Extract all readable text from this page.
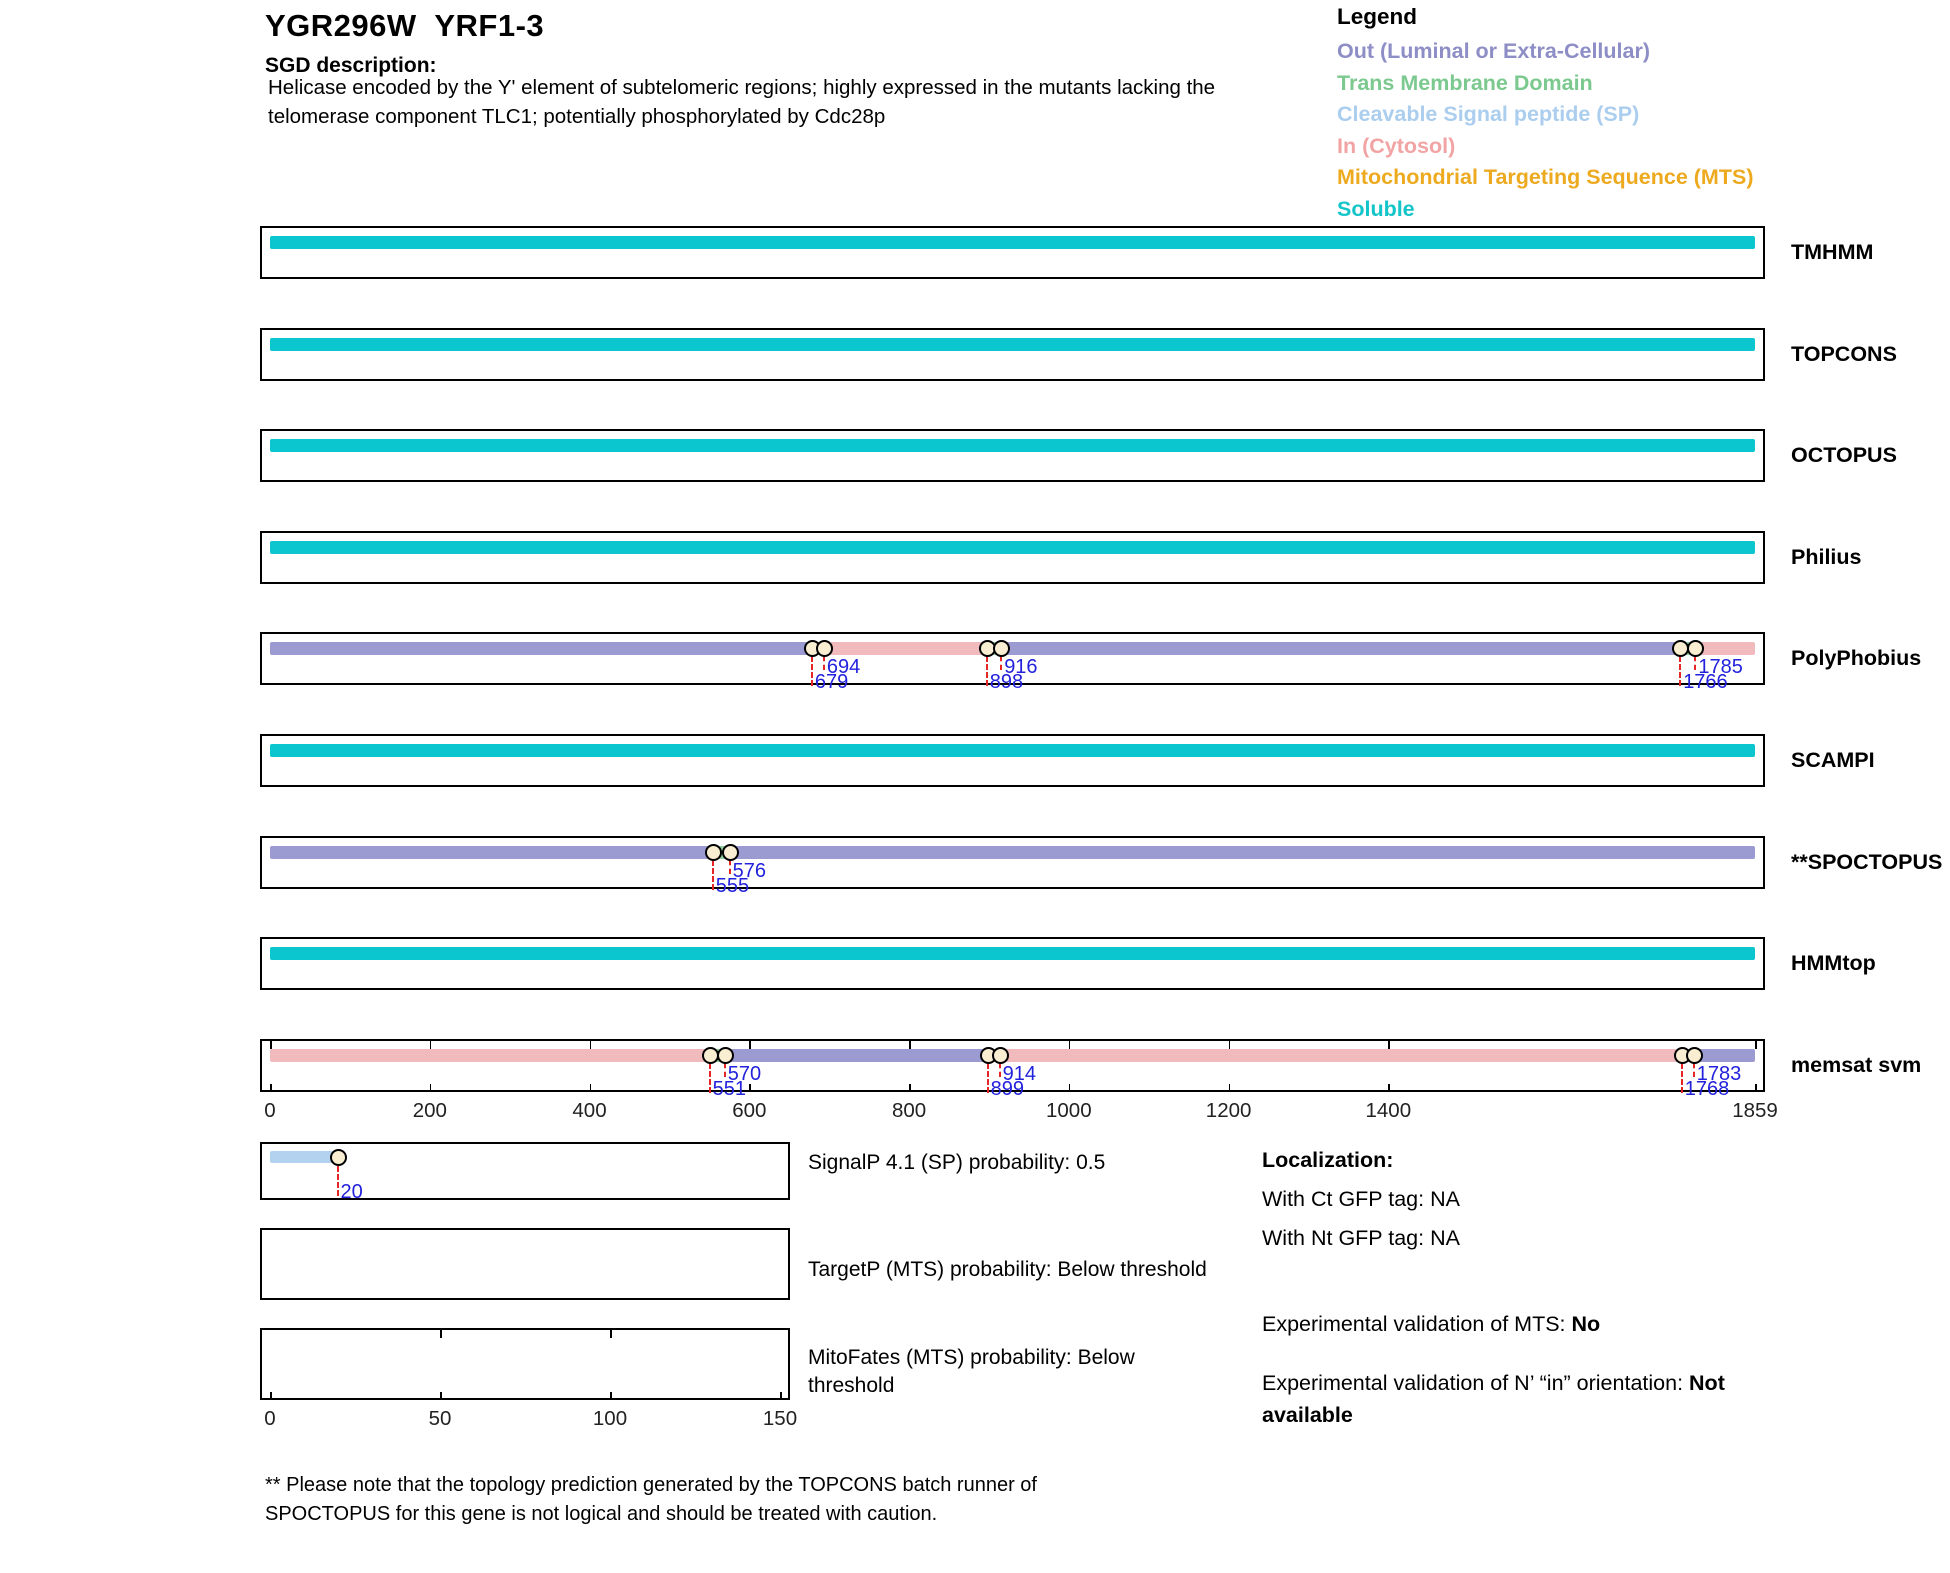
YGR296W  YRF1-3
SGD description:
Helicase encoded by the Y' element of subtelomeric regions; highly expressed in the mutants lacking the telomerase component TLC1; potentially phosphorylated by Cdc28p
Legend
Out (Luminal or Extra-Cellular)
Trans Membrane Domain
Cleavable Signal peptide (SP)
In (Cytosol)
Mitochondrial Targeting Sequence (MTS)
Soluble
TMHMM
TOPCONS
OCTOPUS
Philius
679
694
898
916
1766
1785 PolyPhobius
SCAMPI
555
576	**SPOCTOPUS
HMMtop
551
570
899
914
1768
1783
0	200	400	600	800	1000	1200	1400	1859
memsat svm
20
SignalP 4.1 (SP) probability: 0.5
TargetP (MTS) probability: Below threshold
0	50	100	150
MitoFates (MTS) probability: Below threshold
Localization:
With Ct GFP tag: NA
With Nt GFP tag: NA
Experimental validation of MTS: No
Experimental validation of N’ “in” orientation: Not available
** Please note that the topology prediction generated by the TOPCONS batch runner of SPOCTOPUS for this gene is not logical and should be treated with caution.
